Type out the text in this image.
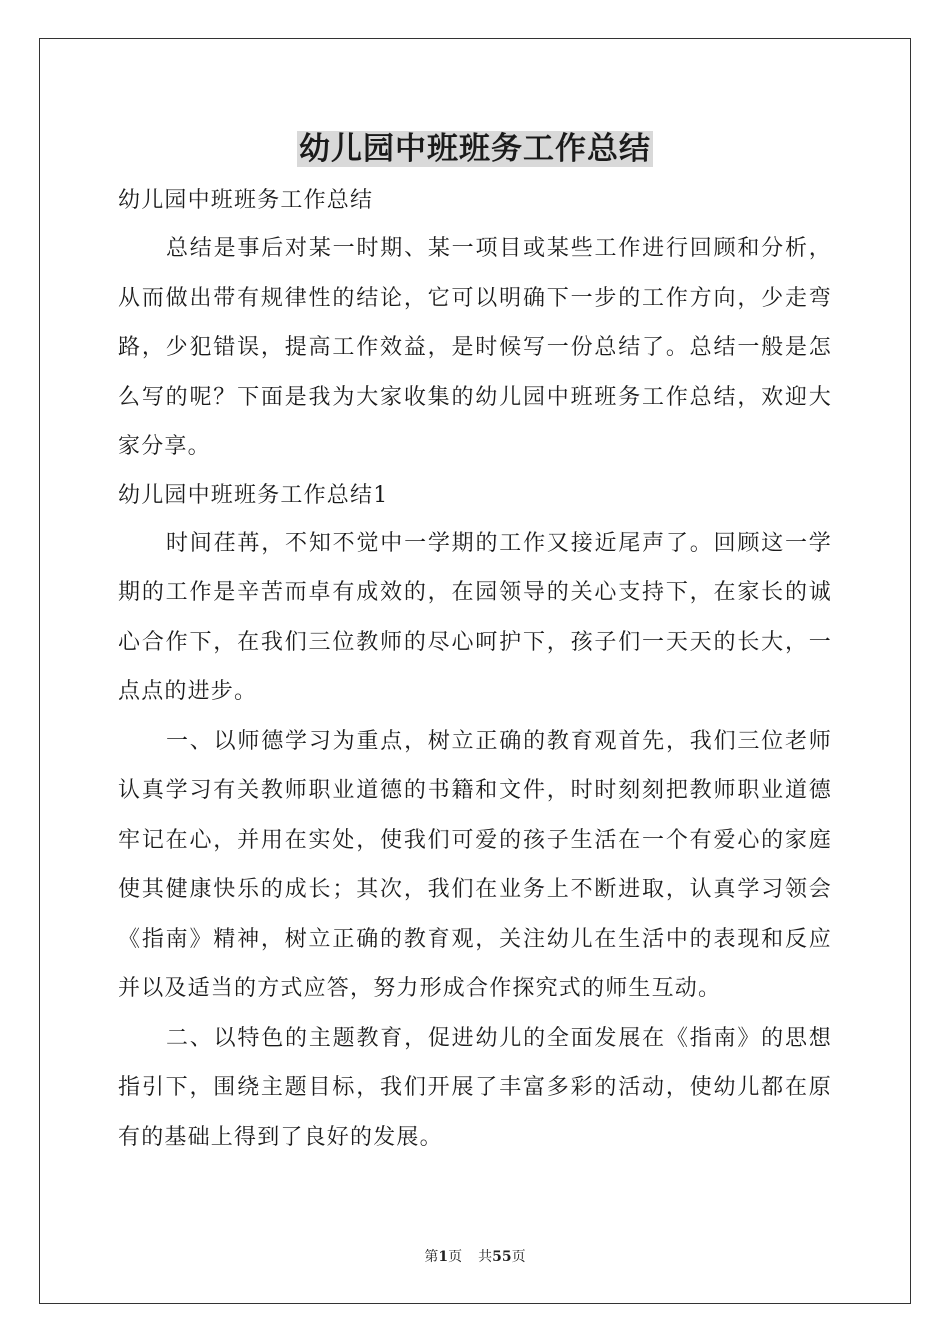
幼儿园中班班务工作总结

幼儿园中班班务工作总结

总结是事后对某一时期、某一项目或某些工作进行回顾和分析，从而做出带有规律性的结论，它可以明确下一步的工作方向，少走弯路，少犯错误，提高工作效益，是时候写一份总结了。总结一般是怎么写的呢？下面是我为大家收集的幼儿园中班班务工作总结，欢迎大家分享。

幼儿园中班班务工作总结1

时间荏苒，不知不觉中一学期的工作又接近尾声了。回顾这一学期的工作是辛苦而卓有成效的，在园领导的关心支持下，在家长的诚心合作下，在我们三位教师的尽心呵护下，孩子们一天天的长大，一点点的进步。

一、以师德学习为重点，树立正确的教育观首先，我们三位老师认真学习有关教师职业道德的书籍和文件，时时刻刻把教师职业道德牢记在心，并用在实处，使我们可爱的孩子生活在一个有爱心的家庭使其健康快乐的成长；其次，我们在业务上不断进取，认真学习领会《指南》精神，树立正确的教育观，关注幼儿在生活中的表现和反应并以及适当的方式应答，努力形成合作探究式的师生互动。

二、以特色的主题教育，促进幼儿的全面发展在《指南》的思想指引下，围绕主题目标，我们开展了丰富多彩的活动，使幼儿都在原有的基础上得到了良好的发展。

第1页 共55页
